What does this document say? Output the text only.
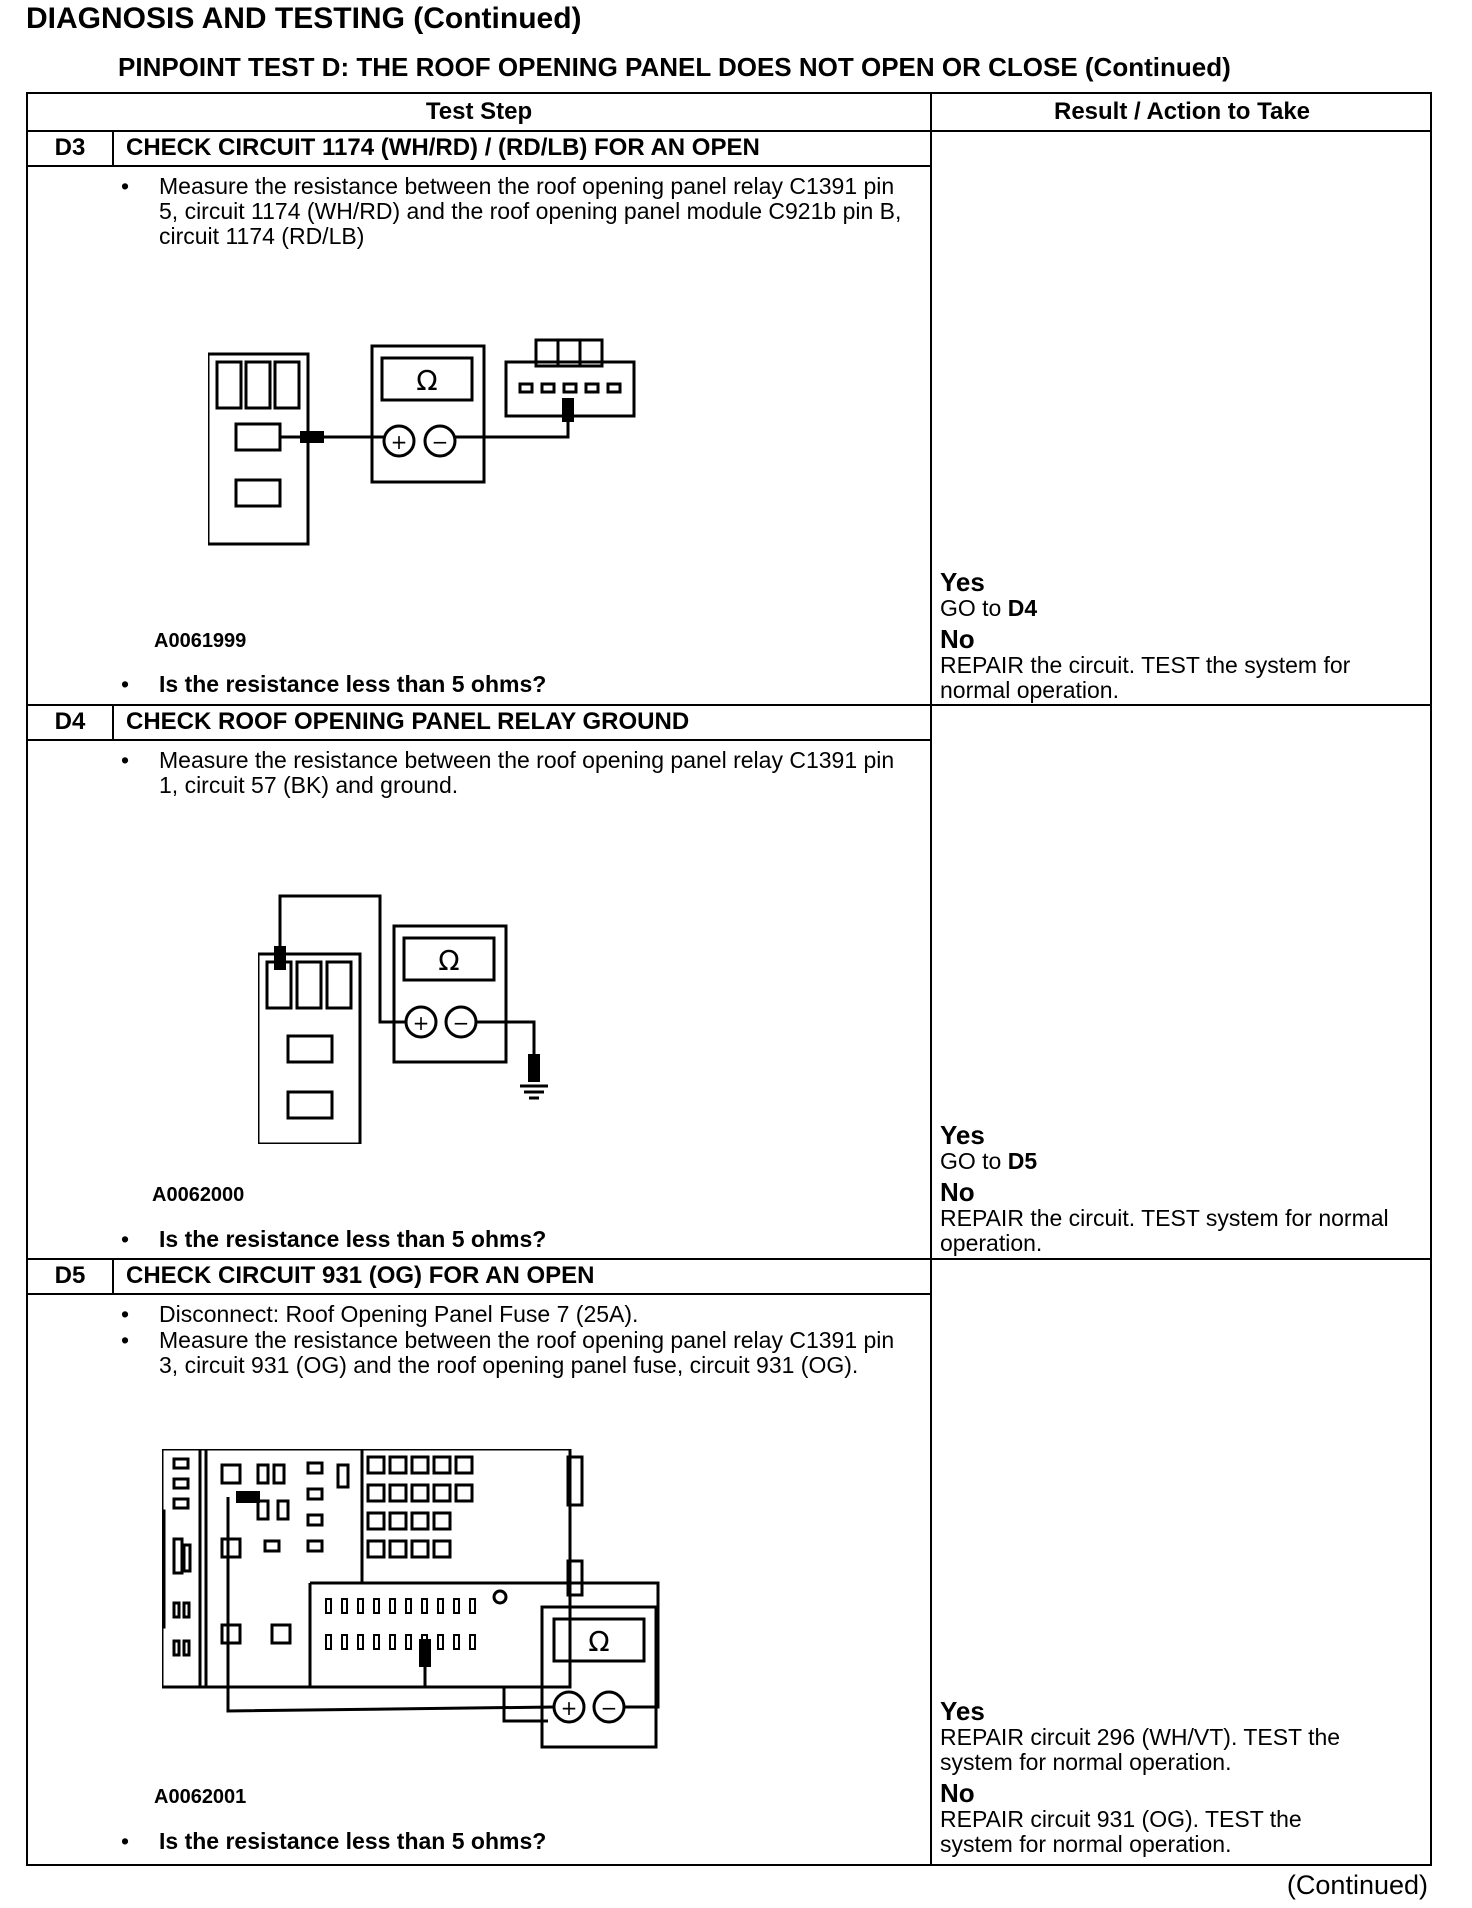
DIAGNOSIS AND TESTING (Continued)
PINPOINT TEST D: THE ROOF OPENING PANEL DOES NOT OPEN OR CLOSE (Continued)
Test Step	Result / Action to Take
D3	CHECK CIRCUIT 1174 (WH/RD) / (RD/LB) FOR AN OPEN
• Measure the resistance between the roof opening panel relay C1391 pin 5, circuit 1174 (WH/RD) and the roof opening panel module C921b pin B, circuit 1174 (RD/LB)
Ω
+ −
A0061999
• Is the resistance less than 5 ohms?
Yes
GO to D4
No
REPAIR the circuit. TEST the system for normal operation.
D4	CHECK ROOF OPENING PANEL RELAY GROUND
• Measure the resistance between the roof opening panel relay C1391 pin 1, circuit 57 (BK) and ground.
Ω
+ −
A0062000
• Is the resistance less than 5 ohms?
Yes
GO to D5
No
REPAIR the circuit. TEST system for normal operation.
D5	CHECK CIRCUIT 931 (OG) FOR AN OPEN
• Disconnect: Roof Opening Panel Fuse 7 (25A).
• Measure the resistance between the roof opening panel relay C1391 pin 3, circuit 931 (OG) and the roof opening panel fuse, circuit 931 (OG).
Ω
+ −
A0062001
• Is the resistance less than 5 ohms?
Yes
REPAIR circuit 296 (WH/VT). TEST the system for normal operation.
No
REPAIR circuit 931 (OG). TEST the system for normal operation.
(Continued)
